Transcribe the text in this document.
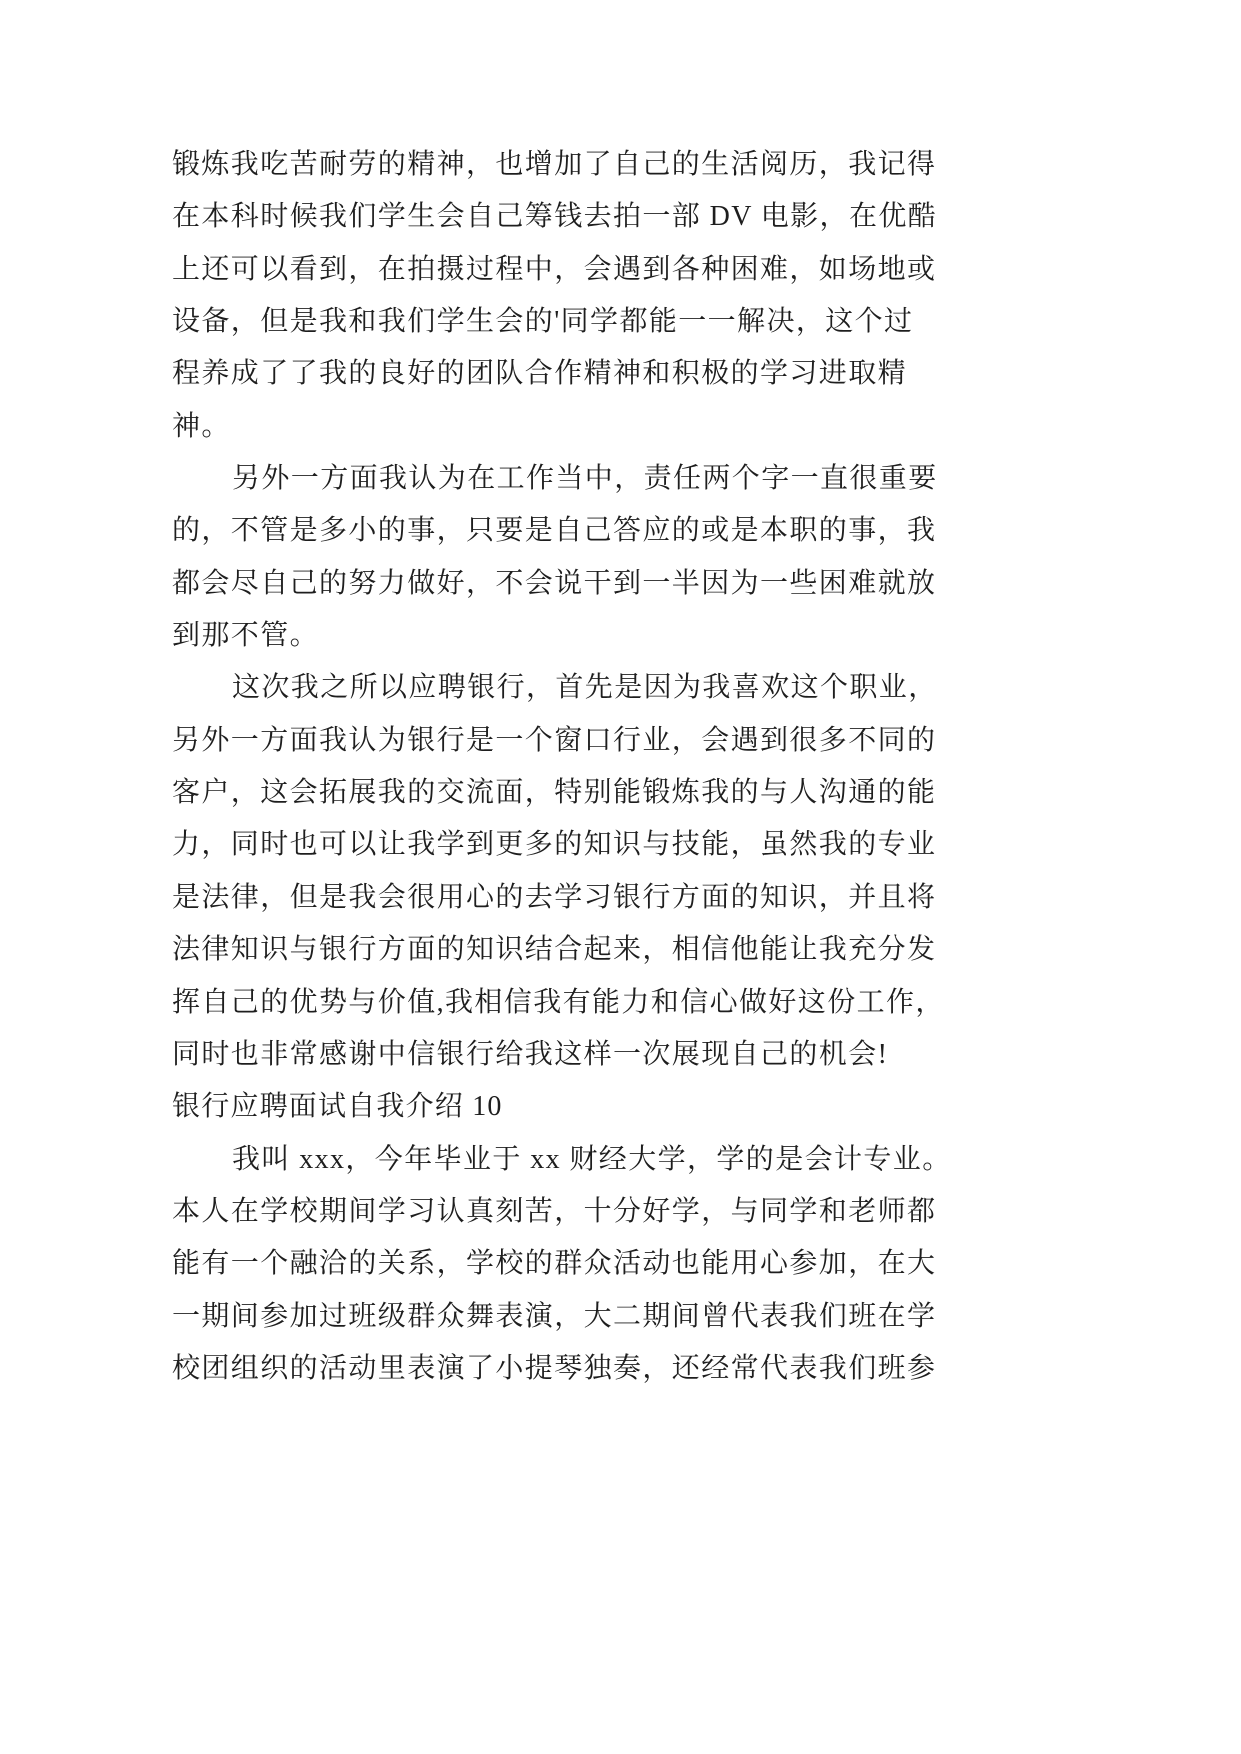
锻炼我吃苦耐劳的精神，也增加了自己的生活阅历，我记得
在本科时候我们学生会自己筹钱去拍一部 DV 电影，在优酷
上还可以看到，在拍摄过程中，会遇到各种困难，如场地或
设备，但是我和我们学生会的'同学都能一一解决，这个过
程养成了了我的良好的团队合作精神和积极的学习进取精
神。
另外一方面我认为在工作当中，责任两个字一直很重要
的，不管是多小的事，只要是自己答应的或是本职的事，我
都会尽自己的努力做好，不会说干到一半因为一些困难就放
到那不管。
这次我之所以应聘银行，首先是因为我喜欢这个职业，
另外一方面我认为银行是一个窗口行业，会遇到很多不同的
客户，这会拓展我的交流面，特别能锻炼我的与人沟通的能
力，同时也可以让我学到更多的知识与技能，虽然我的专业
是法律，但是我会很用心的去学习银行方面的知识，并且将
法律知识与银行方面的知识结合起来，相信他能让我充分发
挥自己的优势与价值,我相信我有能力和信心做好这份工作，
同时也非常感谢中信银行给我这样一次展现自己的机会!
银行应聘面试自我介绍 10
我叫 xxx，今年毕业于 xx 财经大学，学的是会计专业。
本人在学校期间学习认真刻苦，十分好学，与同学和老师都
能有一个融洽的关系，学校的群众活动也能用心参加，在大
一期间参加过班级群众舞表演，大二期间曾代表我们班在学
校团组织的活动里表演了小提琴独奏，还经常代表我们班参
